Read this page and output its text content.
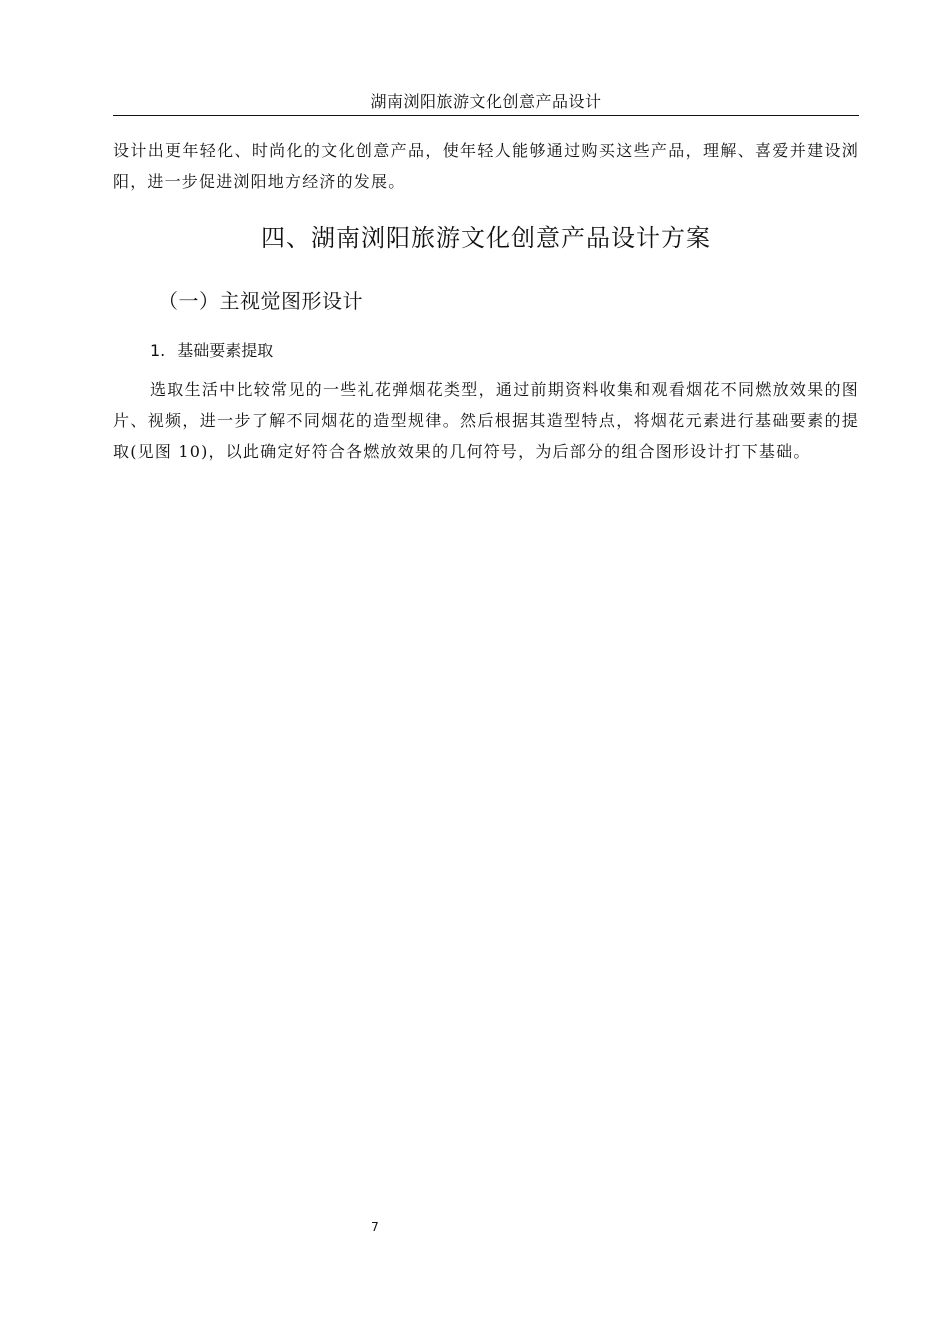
湖南浏阳旅游文化创意产品设计

设计出更年轻化、时尚化的文化创意产品，使年轻人能够通过购买这些产品，理解、喜爱并建设浏阳，进一步促进浏阳地方经济的发展。

四、湖南浏阳旅游文化创意产品设计方案
（一）主视觉图形设计
1. 基础要素提取

选取生活中比较常见的一些礼花弹烟花类型，通过前期资料收集和观看烟花不同燃放效果的图片、视频，进一步了解不同烟花的造型规律。然后根据其造型特点，将烟花元素进行基础要素的提取(见图 10)，以此确定好符合各燃放效果的几何符号，为后部分的组合图形设计打下基础。

7
